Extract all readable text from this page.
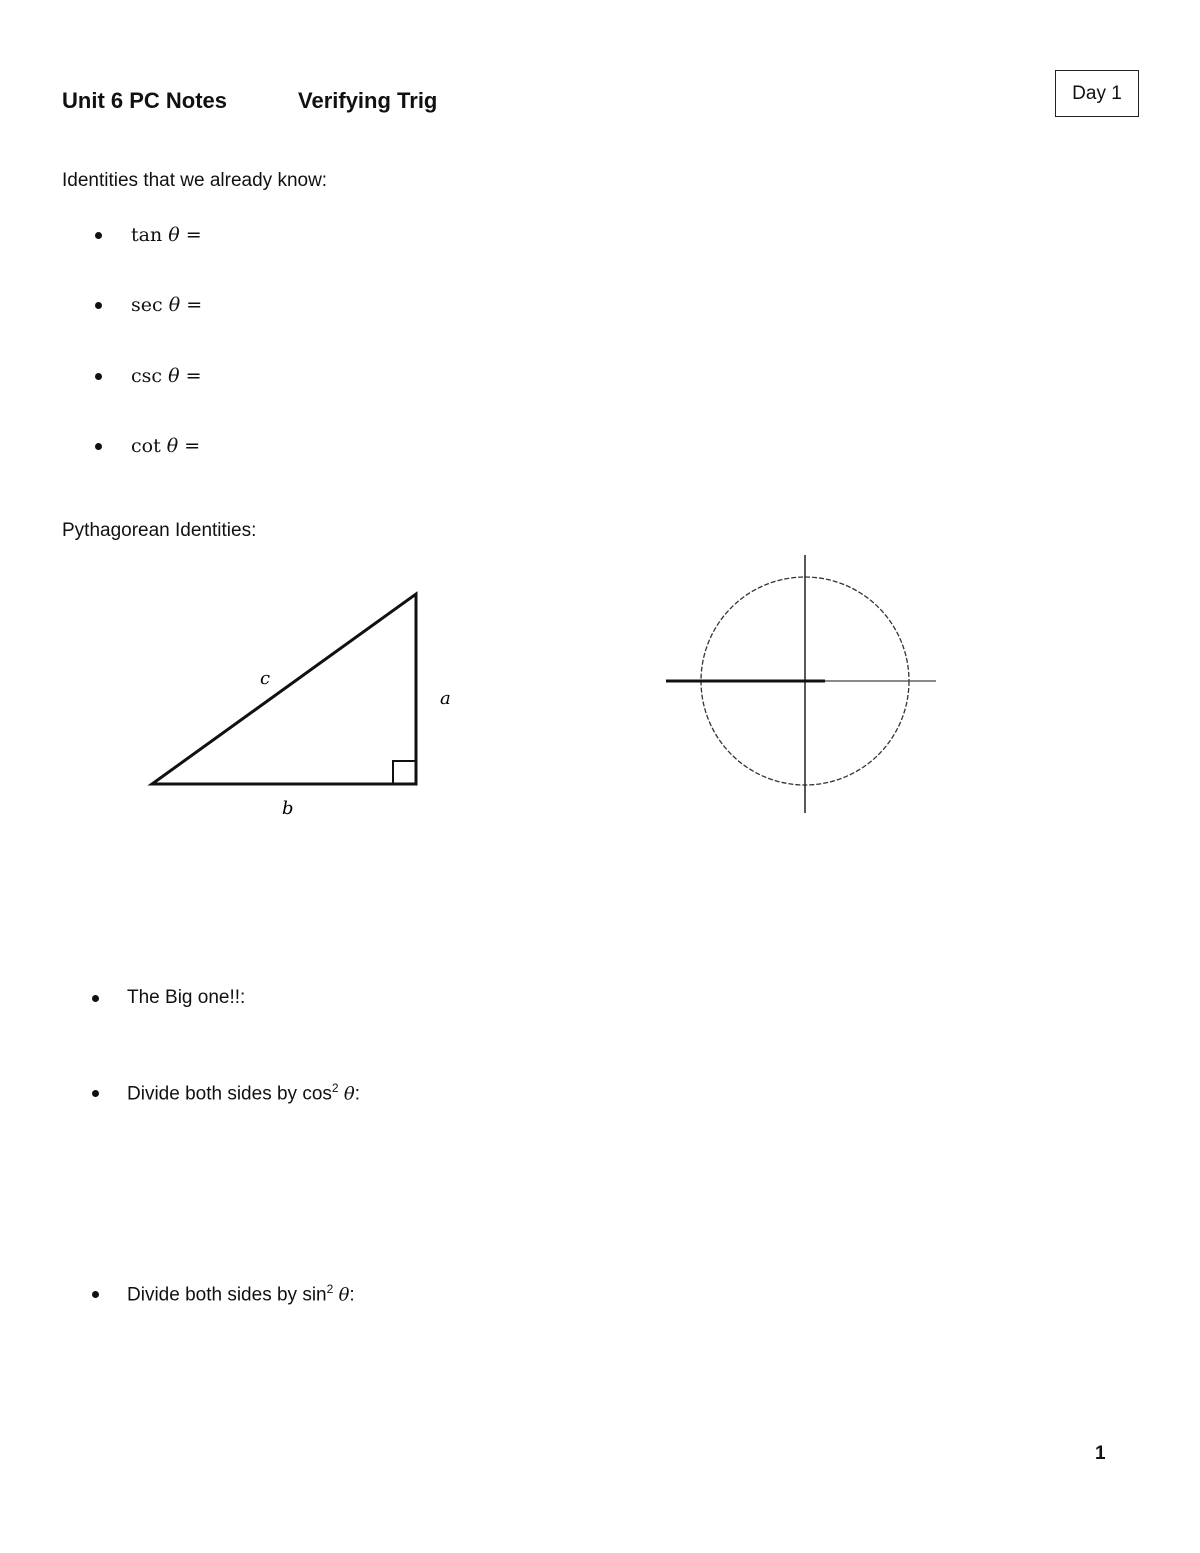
Unit 6 PC Notes	Verifying Trig	Day 1
Identities that we already know:
tan θ =
sec θ =
csc θ =
cot θ =
Pythagorean Identities:
c
a
b
The Big one!!:
Divide both sides by $\cos^2 \theta$:
Divide both sides by $\sin^2 \theta$:
1
